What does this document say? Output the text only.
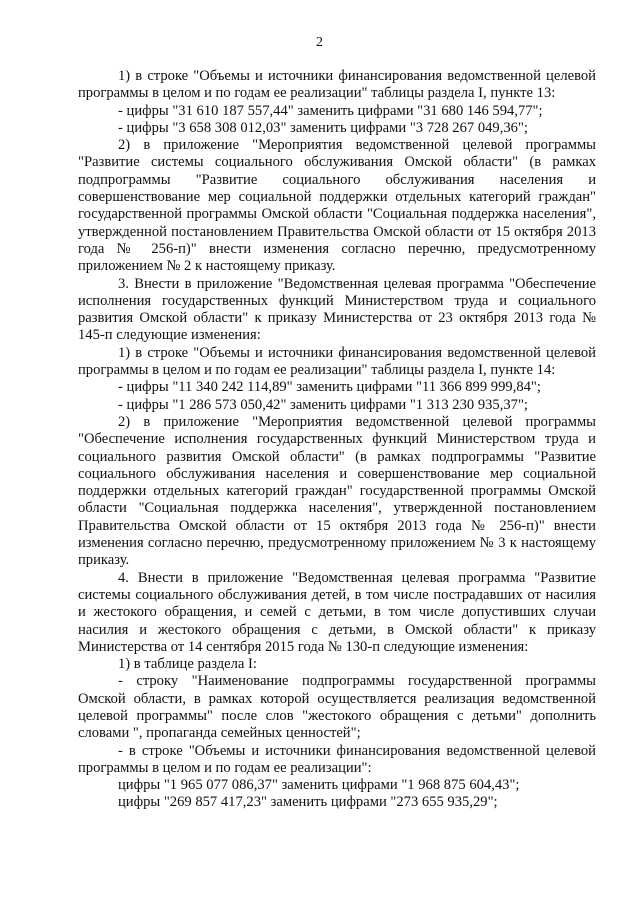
2

1) в строке "Объемы и источники финансирования ведомственной целевой программы в целом и по годам ее реализации" таблицы раздела I, пункте 13:

- цифры "31 610 187 557,44" заменить цифрами "31 680 146 594,77";

- цифры "3 658 308 012,03" заменить цифрами "3 728 267 049,36";

2) в приложение "Мероприятия ведомственной целевой программы "Развитие системы социального обслуживания Омской области" (в рамках подпрограммы "Развитие социального обслуживания населения и совершенствование мер социальной поддержки отдельных категорий граждан" государственной программы Омской области "Социальная поддержка населения", утвержденной постановлением Правительства Омской области от 15 октября 2013 года № 256-п)" внести изменения согласно перечню, предусмотренному приложением № 2 к настоящему приказу.

3. Внести в приложение "Ведомственная целевая программа "Обеспечение исполнения государственных функций Министерством труда и социального развития Омской области" к приказу Министерства от 23 октября 2013 года № 145-п следующие изменения:

1) в строке "Объемы и источники финансирования ведомственной целевой программы в целом и по годам ее реализации" таблицы раздела I, пункте 14:

- цифры "11 340 242 114,89" заменить цифрами "11 366 899 999,84";

- цифры "1 286 573 050,42" заменить цифрами "1 313 230 935,37";

2) в приложение "Мероприятия ведомственной целевой программы "Обеспечение исполнения государственных функций Министерством труда и социального развития Омской области" (в рамках подпрограммы "Развитие социального обслуживания населения и совершенствование мер социальной поддержки отдельных категорий граждан" государственной программы Омской области "Социальная поддержка населения", утвержденной постановлением Правительства Омской области от 15 октября 2013 года № 256-п)" внести изменения согласно перечню, предусмотренному приложением № 3 к настоящему приказу.

4. Внести в приложение "Ведомственная целевая программа "Развитие системы социального обслуживания детей, в том числе пострадавших от насилия и жестокого обращения, и семей с детьми, в том числе допустивших случаи насилия и жестокого обращения с детьми, в Омской области" к приказу Министерства от 14 сентября 2015 года № 130-п следующие изменения:

1) в таблице раздела I:

- строку "Наименование подпрограммы государственной программы Омской области, в рамках которой осуществляется реализация ведомственной целевой программы" после слов "жестокого обращения с детьми" дополнить словами ", пропаганда семейных ценностей";

- в строке "Объемы и источники финансирования ведомственной целевой программы в целом и по годам ее реализации":

цифры "1 965 077 086,37" заменить цифрами "1 968 875 604,43";

цифры "269 857 417,23" заменить цифрами "273 655 935,29";
